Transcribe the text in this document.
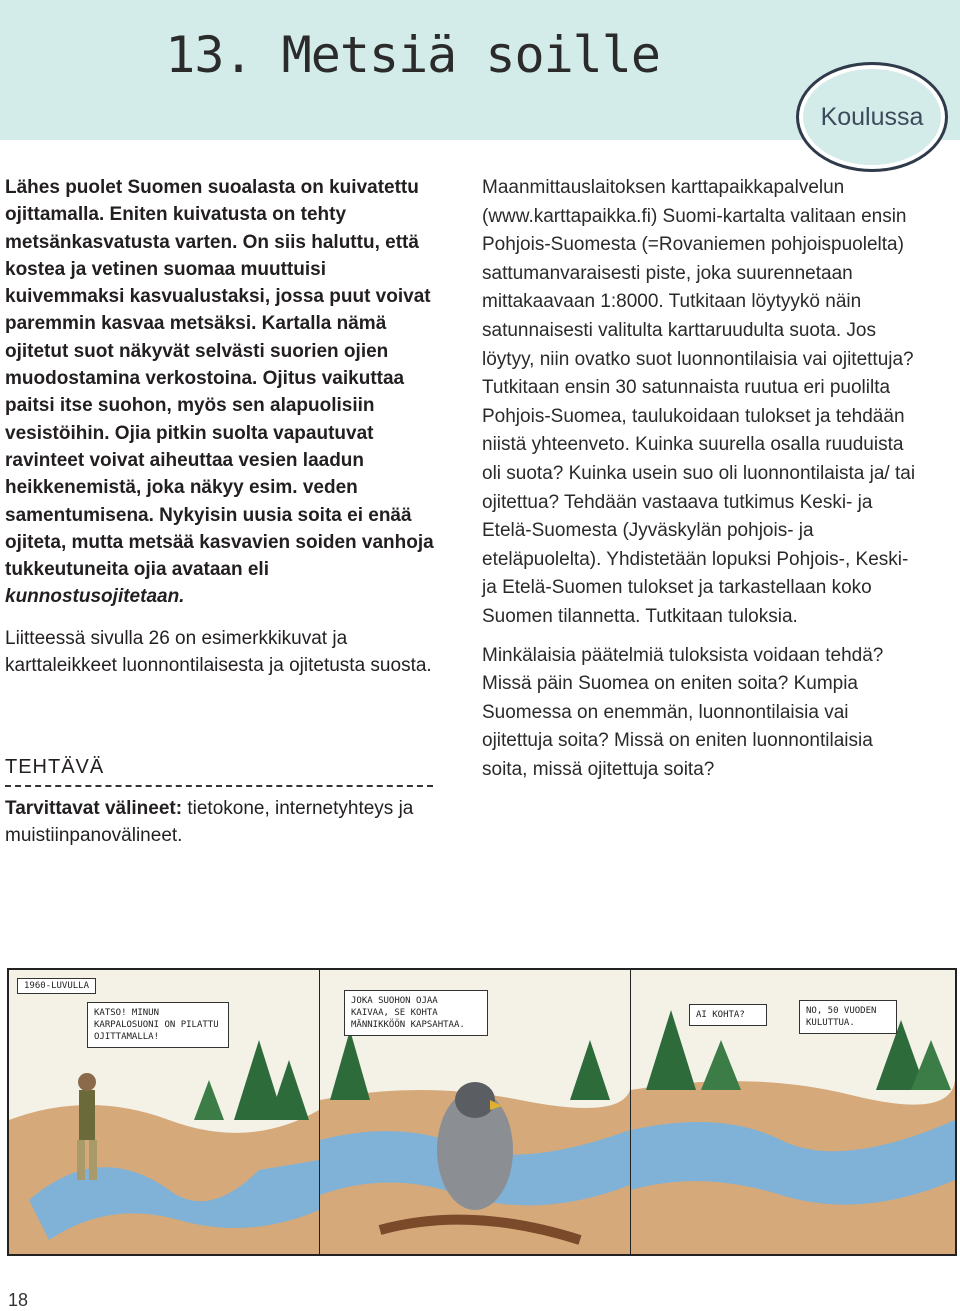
13. Metsiä soille
Koulussa

Lähes puolet Suomen suoalasta on kuivatettu ojittamalla. Eniten kuivatusta on tehty metsänkasvatusta varten. On siis haluttu, että kostea ja vetinen suomaa muuttuisi kuivemmaksi kasvualustaksi, jossa puut voivat paremmin kasvaa metsäksi. Kartalla nämä ojitetut suot näkyvät selvästi suorien ojien muodostamina verkostoina. Ojitus vaikuttaa paitsi itse suohon, myös sen alapuolisiin vesistöihin. Ojia pitkin suolta vapautuvat ravinteet voivat aiheuttaa vesien laadun heikkenemistä, joka näkyy esim. veden samentumisena. Nykyisin uusia soita ei enää ojiteta, mutta metsää kasvavien soiden vanhoja tukkeutuneita ojia avataan eli kunnostusojitetaan.

Liitteessä sivulla 26 on esimerkkikuvat ja karttaleikkeet luonnontilaisesta ja ojitetusta suosta.

TEHTÄVÄ
Tarvittavat välineet: tietokone, internetyhteys ja muistiinpanovälineet.

Maanmittauslaitoksen karttapaikkapalvelun (www.karttapaikka.fi) Suomi-kartalta valitaan ensin Pohjois-Suomesta (=Rovaniemen pohjoispuolelta) sattumanvaraisesti piste, joka suurennetaan mittakaavaan 1:8000. Tutkitaan löytyykö näin satunnaisesti valitulta karttaruudulta suota. Jos löytyy, niin ovatko suot luonnontilaisia vai ojitettuja? Tutkitaan ensin 30 satunnaista ruutua eri puolilta Pohjois-Suomea, taulukoidaan tulokset ja tehdään niistä yhteenveto. Kuinka suurella osalla ruuduista oli suota? Kuinka usein suo oli luonnontilaista ja/ tai ojitettua? Tehdään vastaava tutkimus Keski- ja Etelä-Suomesta (Jyväskylän pohjois- ja eteläpuolelta). Yhdistetään lopuksi Pohjois-, Keski- ja Etelä-Suomen tulokset ja tarkastellaan koko Suomen tilannetta. Tutkitaan tuloksia.

Minkälaisia päätelmiä tuloksista voidaan tehdä? Missä päin Suomea on eniten soita? Kumpia Suomessa on enemmän, luonnontilaisia vai ojitettuja soita? Missä on eniten luonnontilaisia soita, missä ojitettuja soita?

1960-LUVULLA
KATSO! MINUN KARPALOSUONI ON PILATTU OJITTAMALLA!
JOKA SUOHON OJAA KAIVAA, SE KOHTA MÄNNIKKÖÖN KAPSAHTAA.
AI KOHTA?	NO, 50 VUODEN KULUTTUA.
18
